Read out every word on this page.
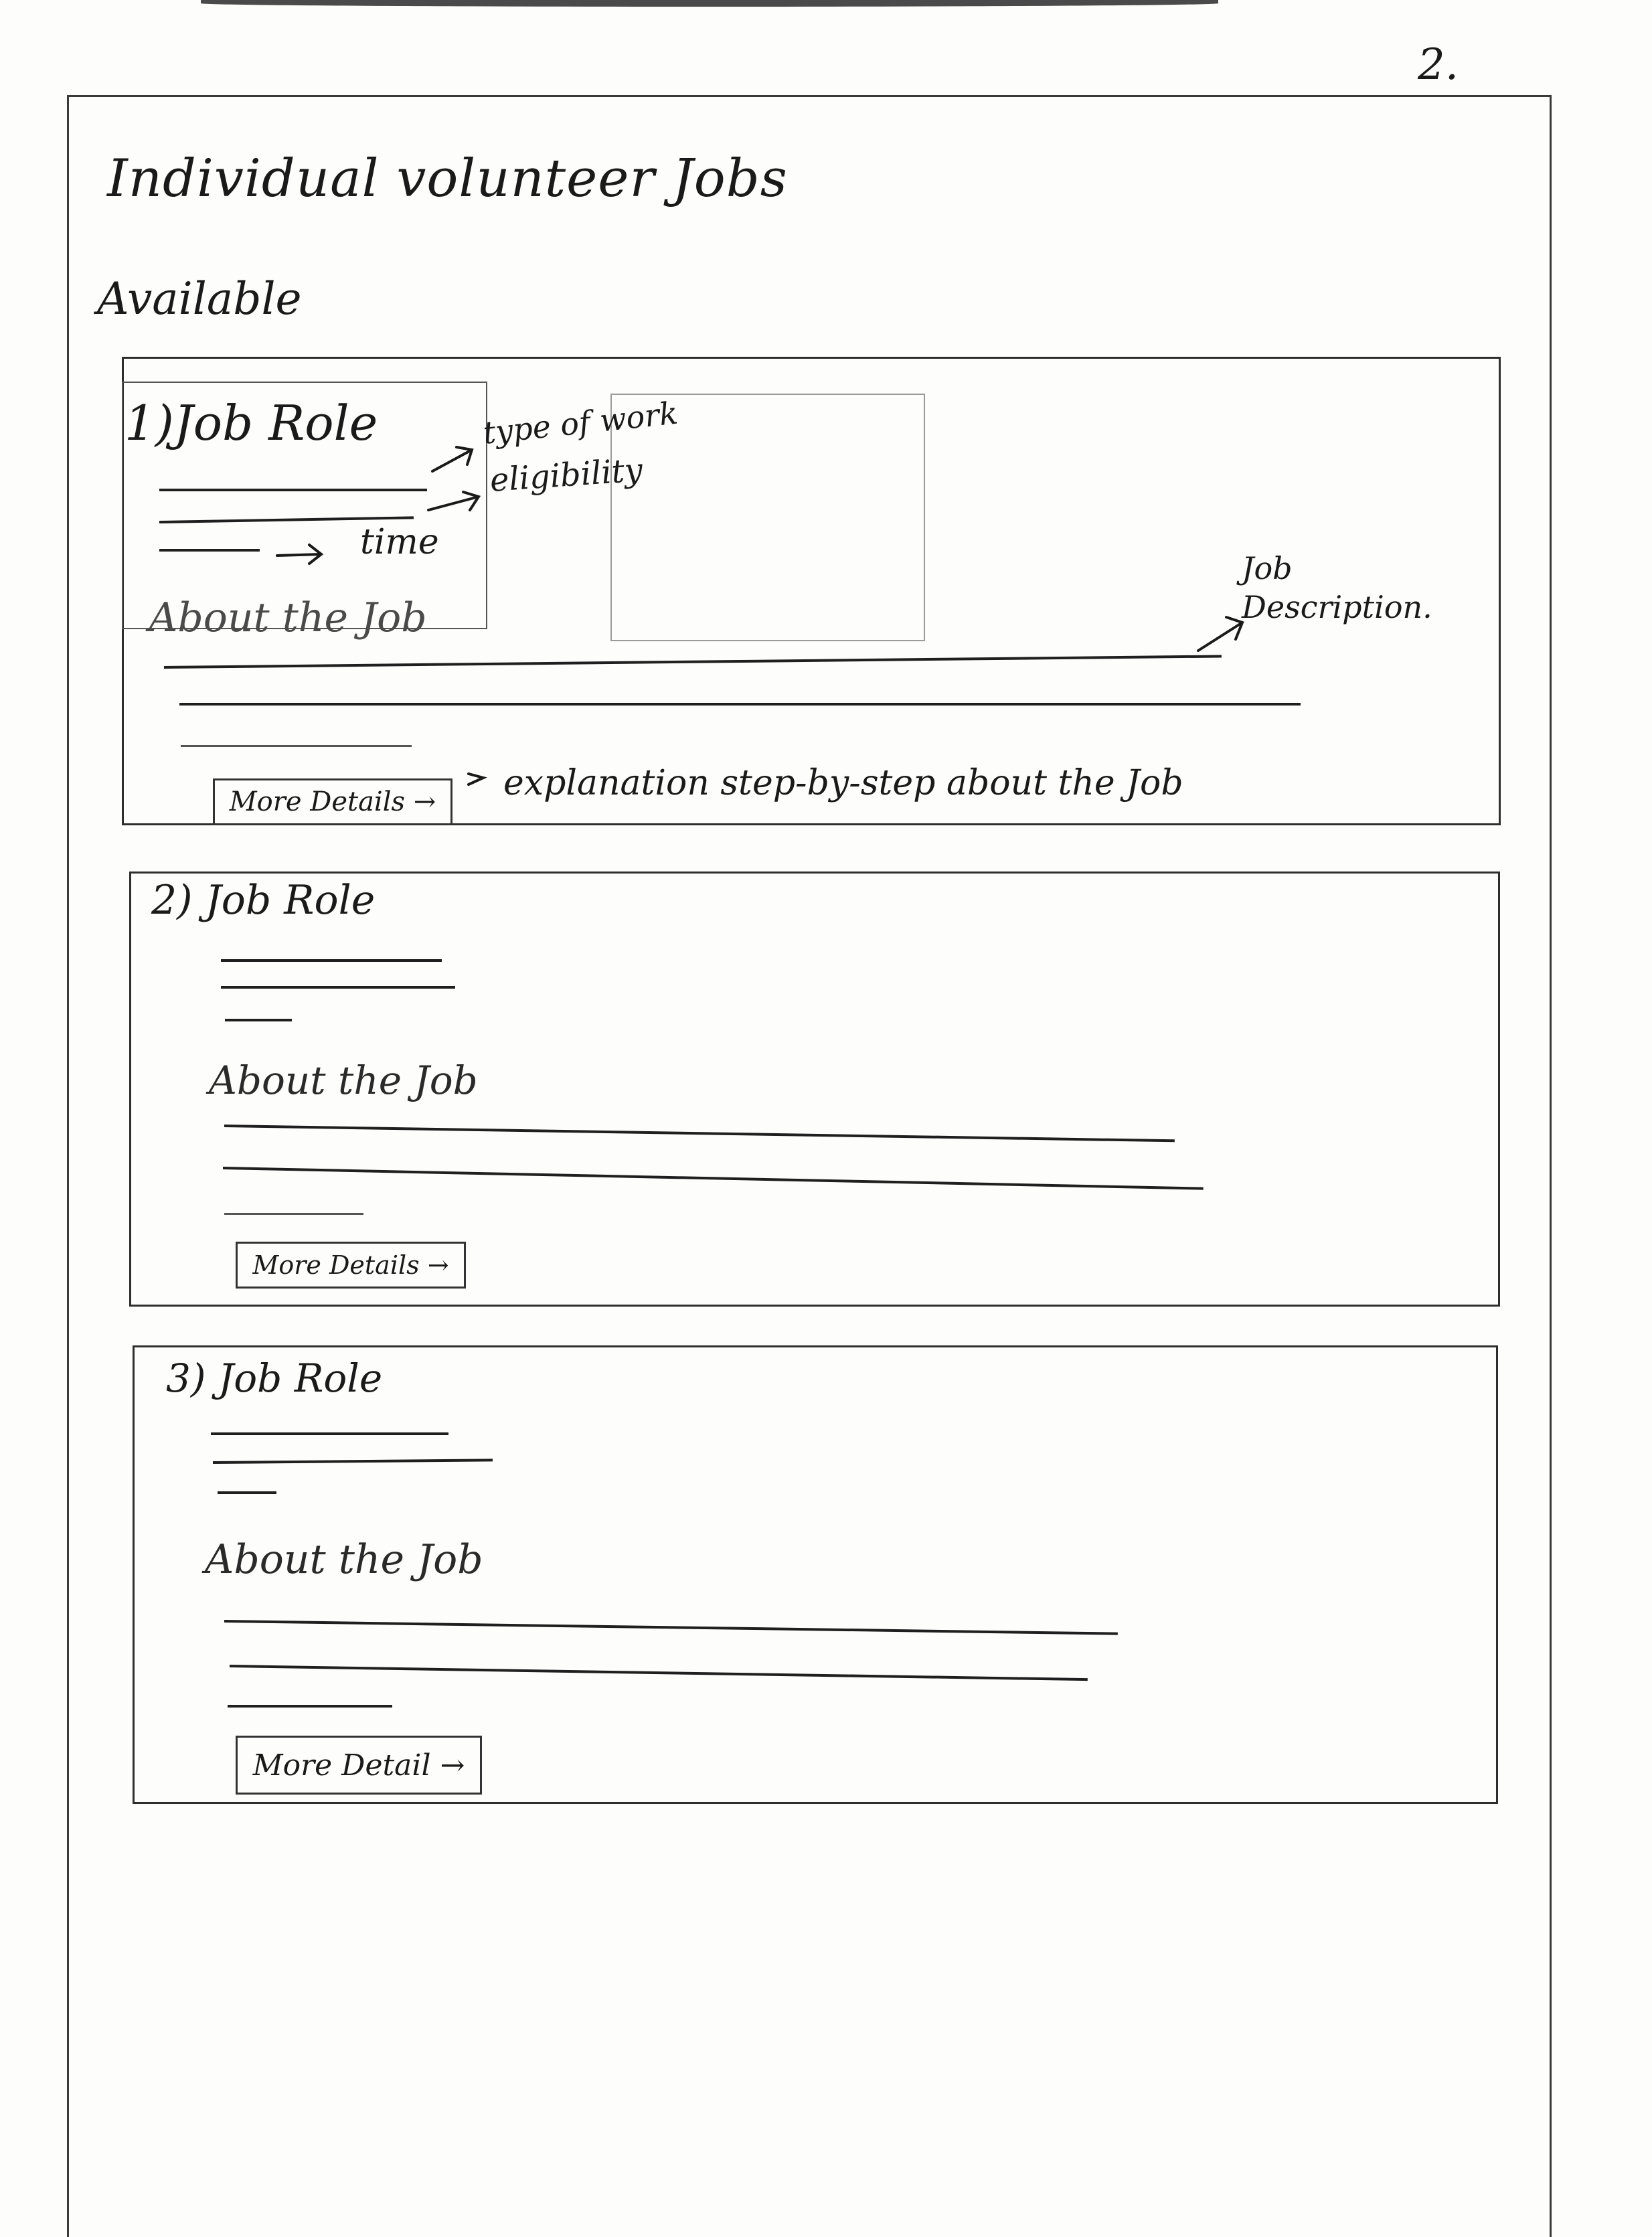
2.
Individual volunteer Jobs
Available
1)Job Role
About the Job
More Details →
type of work
eligibility
time
Job Description.
explanation step-by-step about the Job
2) Job Role
About the Job
More Details →
3) Job Role
About the Job
More Detail →
